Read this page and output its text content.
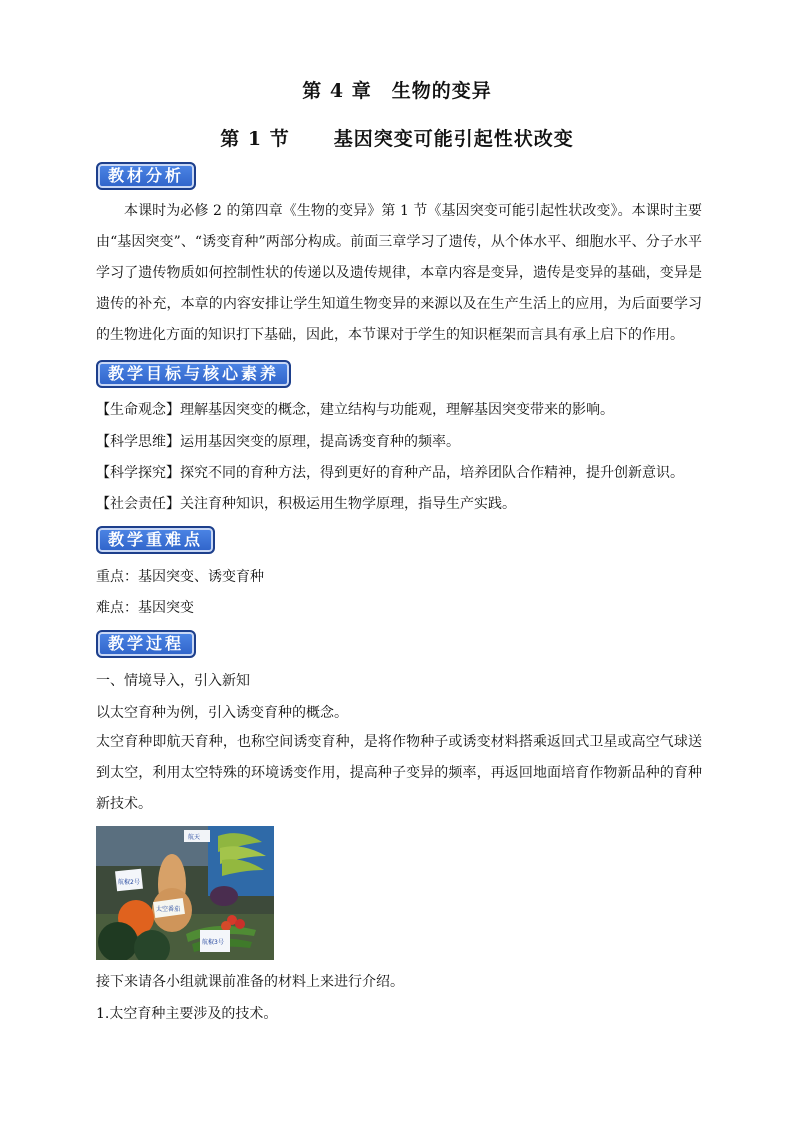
第 4 章　生物的变异
第 1 节 基因突变可能引起性状改变
教材分析

本课时为必修 2 的第四章《生物的变异》第 1 节《基因突变可能引起性状改变》。本课时主要由“基因突变”、“诱变育种”两部分构成。前面三章学习了遗传，从个体水平、细胞水平、分子水平学习了遗传物质如何控制性状的传递以及遗传规律，本章内容是变异，遗传是变异的基础，变异是遗传的补充，本章的内容安排让学生知道生物变异的来源以及在生产生活上的应用，为后面要学习的生物进化方面的知识打下基础，因此，本节课对于学生的知识框架而言具有承上启下的作用。

教学目标与核心素养
【生命观念】理解基因突变的概念，建立结构与功能观，理解基因突变带来的影响。
【科学思维】运用基因突变的原理，提高诱变育种的频率。
【科学探究】探究不同的育种方法，得到更好的育种产品，培养团队合作精神，提升创新意识。
【社会责任】关注育种知识，积极运用生物学原理，指导生产实践。
教学重难点
重点：基因突变、诱变育种
难点：基因突变
教学过程
一、情境导入，引入新知
以太空育种为例，引入诱变育种的概念。

太空育种即航天育种，也称空间诱变育种，是将作物种子或诱变材料搭乘返回式卫星或高空气球送到太空，利用太空特殊的环境诱变作用，提高种子变异的频率，再返回地面培育作物新品种的育种新技术。

航椒2号
航椒3号
太空番茄
航天
接下来请各小组就课前准备的材料上来进行介绍。
1.太空育种主要涉及的技术。
